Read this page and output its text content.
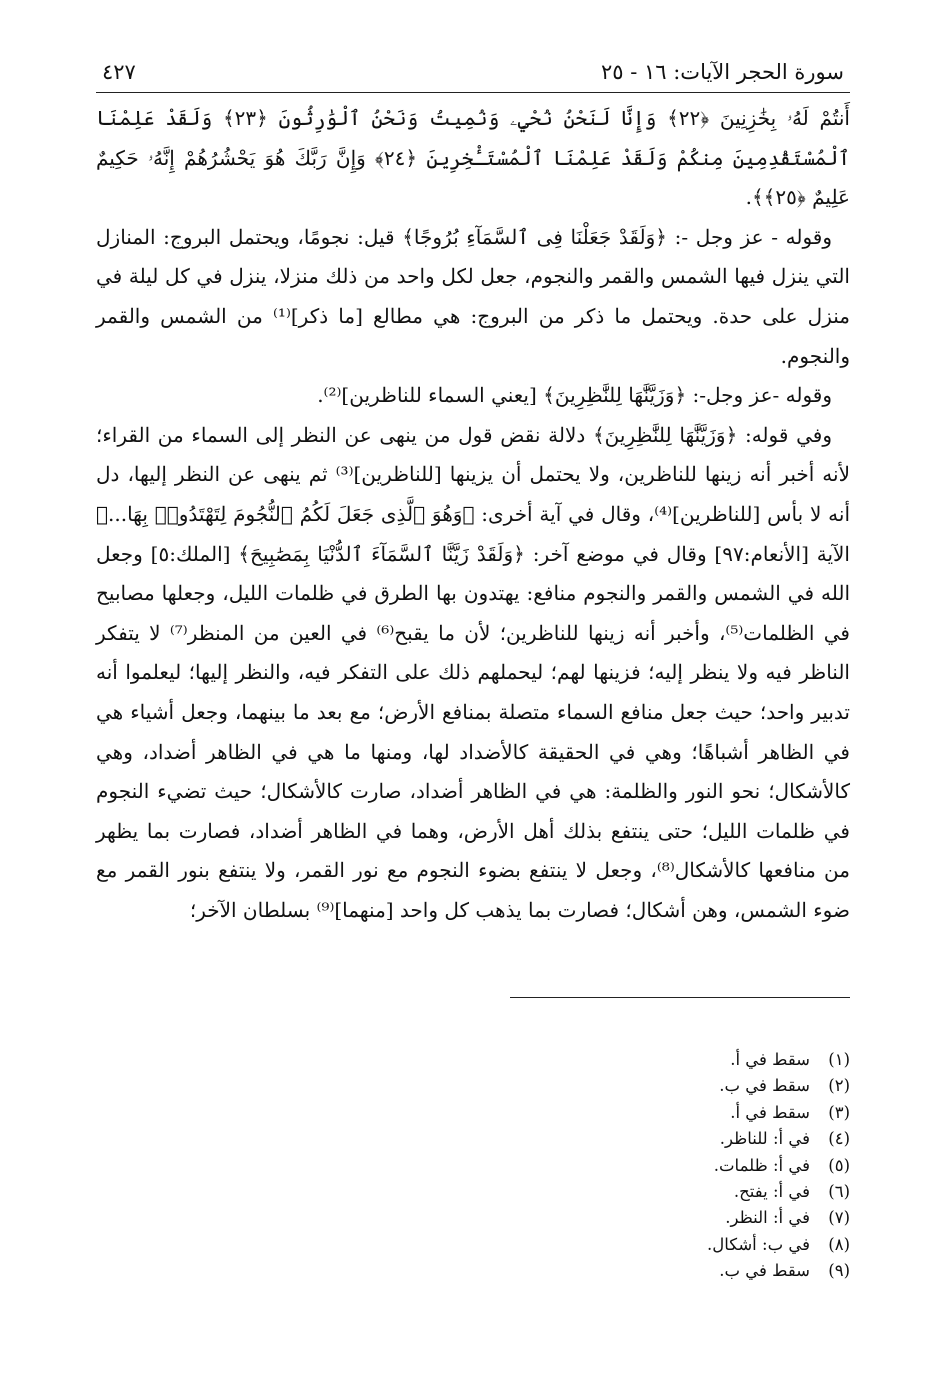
سورة الحجر الآيات: ١٦ - ٢٥
٤٢٧

أَنتُمْ لَهُۥ بِخَٰزِنِينَ ﴿٢٢﴾ وَإِنَّا لَنَحْنُ نُحْيِۦ وَنُمِيتُ وَنَحْنُ ٱلْوَٰرِثُونَ ﴿٢٣﴾ وَلَقَدْ عَلِمْنَا ٱلْمُسْتَقْدِمِينَ مِنكُمْ وَلَقَدْ عَلِمْنَا ٱلْمُسْتَـْٔخِرِينَ ﴿٢٤﴾ وَإِنَّ رَبَّكَ هُوَ يَحْشُرُهُمْ إِنَّهُۥ حَكِيمٌ عَلِيمٌ ﴿٢٥﴾﴾.

وقوله - عز وجل -: ﴿وَلَقَدْ جَعَلْنَا فِى ٱلسَّمَآءِ بُرُوجًا﴾ قيل: نجومًا، ويحتمل البروج: المنازل التي ينزل فيها الشمس والقمر والنجوم، جعل لكل واحد من ذلك منزلا، ينزل في كل ليلة في منزل على حدة. ويحتمل ما ذكر من البروج: هي مطالع [ما ذكر]⁽¹⁾ من الشمس والقمر والنجوم.

وقوله -عز وجل-: ﴿وَزَيَّنَّٰهَا لِلنَّٰظِرِينَ﴾ [يعني السماء للناظرين]⁽²⁾.

وفي قوله: ﴿وَزَيَّنَّٰهَا لِلنَّٰظِرِينَ﴾ دلالة نقض قول من ينهى عن النظر إلى السماء من القراء؛ لأنه أخبر أنه زينها للناظرين، ولا يحتمل أن يزينها [للناظرين]⁽³⁾ ثم ينهى عن النظر إليها، دل أنه لا بأس [للناظرين]⁽⁴⁾، وقال في آية أخرى: ﴿وَهُوَ ٱلَّذِى جَعَلَ لَكُمُ ٱلنُّجُومَ لِتَهْتَدُوا۟ بِهَا...﴾ الآية [الأنعام:٩٧] وقال في موضع آخر: ﴿وَلَقَدْ زَيَّنَّا ٱلسَّمَآءَ ٱلدُّنْيَا بِمَصَٰبِيحَ﴾ [الملك:٥] وجعل الله في الشمس والقمر والنجوم منافع: يهتدون بها الطرق في ظلمات الليل، وجعلها مصابيح في الظلمات⁽⁵⁾، وأخبر أنه زينها للناظرين؛ لأن ما يقبح⁽⁶⁾ في العين من المنظر⁽⁷⁾ لا يتفكر الناظر فيه ولا ينظر إليه؛ فزينها لهم؛ ليحملهم ذلك على التفكر فيه، والنظر إليها؛ ليعلموا أنه تدبير واحد؛ حيث جعل منافع السماء متصلة بمنافع الأرض؛ مع بعد ما بينهما، وجعل أشياء هي في الظاهر أشباهًا؛ وهي في الحقيقة كالأضداد لها، ومنها ما هي في الظاهر أضداد، وهي كالأشكال؛ نحو النور والظلمة: هي في الظاهر أضداد، صارت كالأشكال؛ حيث تضيء النجوم في ظلمات الليل؛ حتى ينتفع بذلك أهل الأرض، وهما في الظاهر أضداد، فصارت بما يظهر من منافعها كالأشكال⁽⁸⁾، وجعل لا ينتفع بضوء النجوم مع نور القمر، ولا ينتفع بنور القمر مع ضوء الشمس، وهن أشكال؛ فصارت بما يذهب كل واحد [منهما]⁽⁹⁾ بسلطان الآخر؛

(١)سقط في أ.
(٢)سقط في ب.
(٣)سقط في أ.
(٤)في أ: للناظر.
(٥)في أ: ظلمات.
(٦)في أ: يفتح.
(٧)في أ: النظر.
(٨)في ب: أشكال.
(٩)سقط في ب.
